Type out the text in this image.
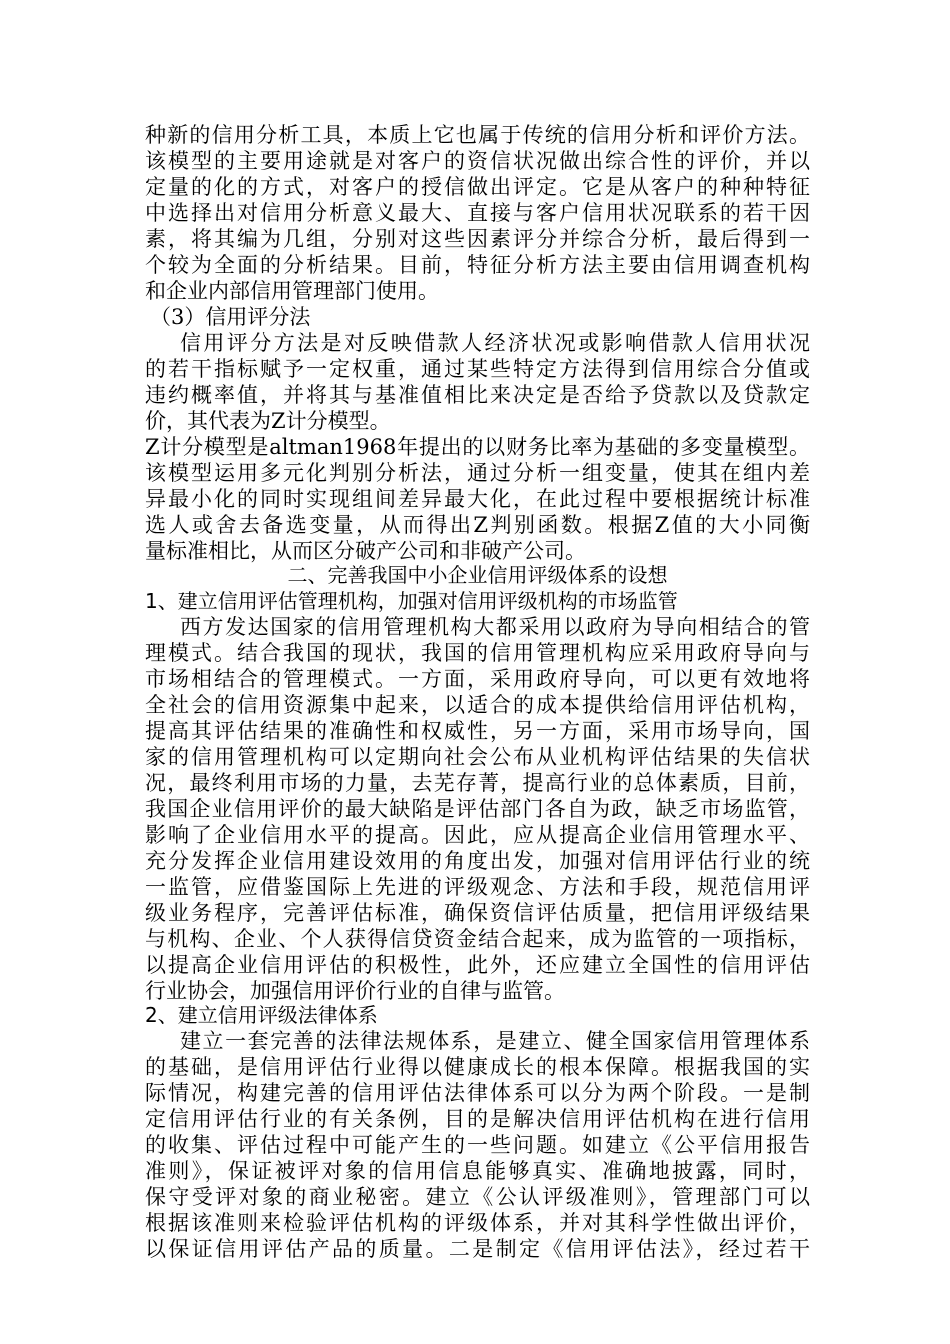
种新的信用分析工具，本质上它也属于传统的信用分析和评价方法。
该模型的主要用途就是对客户的资信状况做出综合性的评价，并以
定量的化的方式，对客户的授信做出评定。它是从客户的种种特征
中选择出对信用分析意义最大、直接与客户信用状况联系的若干因
素，将其编为几组，分别对这些因素评分并综合分析，最后得到一
个较为全面的分析结果。目前，特征分析方法主要由信用调查机构
和企业内部信用管理部门使用。
（3）信用评分法
信用评分方法是对反映借款人经济状况或影响借款人信用状况
的若干指标赋予一定权重，通过某些特定方法得到信用综合分值或
违约概率值，并将其与基准值相比来决定是否给予贷款以及贷款定
价，其代表为Z计分模型。
Z计分模型是altman1968年提出的以财务比率为基础的多变量模型。
该模型运用多元化判别分析法，通过分析一组变量，使其在组内差
异最小化的同时实现组间差异最大化，在此过程中要根据统计标准
选人或舍去备选变量，从而得出Z判别函数。根据Z值的大小同衡
量标准相比，从而区分破产公司和非破产公司。
二、完善我国中小企业信用评级体系的设想
1、建立信用评估管理机构，加强对信用评级机构的市场监管
西方发达国家的信用管理机构大都采用以政府为导向相结合的管
理模式。结合我国的现状，我国的信用管理机构应采用政府导向与
市场相结合的管理模式。一方面，采用政府导向，可以更有效地将
全社会的信用资源集中起来，以适合的成本提供给信用评估机构，
提高其评估结果的准确性和权威性，另一方面，采用市场导向，国
家的信用管理机构可以定期向社会公布从业机构评估结果的失信状
况，最终利用市场的力量，去芜存菁，提高行业的总体素质，目前，
我国企业信用评价的最大缺陷是评估部门各自为政，缺乏市场监管，
影响了企业信用水平的提高。因此，应从提高企业信用管理水平、
充分发挥企业信用建设效用的角度出发，加强对信用评估行业的统
一监管，应借鉴国际上先进的评级观念、方法和手段，规范信用评
级业务程序，完善评估标准，确保资信评估质量，把信用评级结果
与机构、企业、个人获得信贷资金结合起来，成为监管的一项指标，
以提高企业信用评估的积极性，此外，还应建立全国性的信用评估
行业协会，加强信用评价行业的自律与监管。
2、建立信用评级法律体系
建立一套完善的法律法规体系，是建立、健全国家信用管理体系
的基础，是信用评估行业得以健康成长的根本保障。根据我国的实
际情况，构建完善的信用评估法律体系可以分为两个阶段。一是制
定信用评估行业的有关条例，目的是解决信用评估机构在进行信用
的收集、评估过程中可能产生的一些问题。如建立《公平信用报告
准则》，保证被评对象的信用信息能够真实、准确地披露，同时，
保守受评对象的商业秘密。建立《公认评级准则》，管理部门可以
根据该准则来检验评估机构的评级体系，并对其科学性做出评价，
以保证信用评估产品的质量。二是制定《信用评估法》，经过若干
